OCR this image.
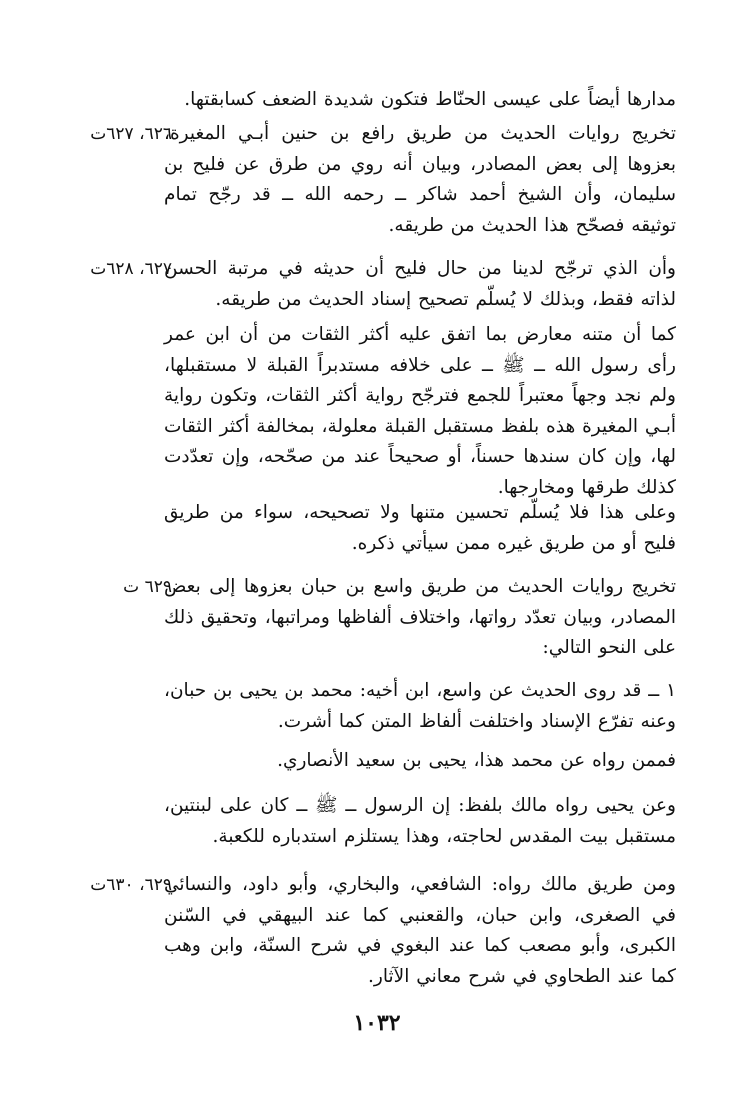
مدارها أيضاً على عيسى الحنّاط فتكون شديدة الضعف كسابقتها.
تخريج روايات الحديث من طريق رافع بن حنين أبـي المغيرة، بعزوها إلى بعض المصادر، وبيان أنه روي من طرق عن فليح بن سليمان، وأن الشيخ أحمد شاكر ــ رحمه الله ــ قد رجّح تمام توثيقه فصحّح هذا الحديث من طريقه.
٦٢٦، ٦٢٧ت
وأن الذي ترجّح لدينا من حال فليح أن حديثه في مرتبة الحسن لذاته فقط، وبذلك لا يُسلّم تصحيح إسناد الحديث من طريقه.
٦٢٧، ٦٢٨ت
كما أن متنه معارض بما اتفق عليه أكثر الثقات من أن ابن عمر رأى رسول الله ــ ﷺ ــ على خلافه مستدبراً القبلة لا مستقبلها، ولم نجد وجهاً معتبراً للجمع فترجّح رواية أكثر الثقات، وتكون رواية أبـي المغيرة هذه بلفظ مستقبل القبلة معلولة، بمخالفة أكثر الثقات لها، وإن كان سندها حسناً، أو صحيحاً عند من صحّحه، وإن تعدّدت كذلك طرقها ومخارجها.
وعلى هذا فلا يُسلّم تحسين متنها ولا تصحيحه، سواء من طريق فليح أو من طريق غيره ممن سيأتي ذكره.
تخريج روايات الحديث من طريق واسع بن حبان بعزوها إلى بعض المصادر، وبيان تعدّد رواتها، واختلاف ألفاظها ومراتبها، وتحقيق ذلك على النحو التالي:
٦٢٩ ت
١ ــ قد روى الحديث عن واسع، ابن أخيه: محمد بن يحيى بن حبان، وعنه تفرّع الإسناد واختلفت ألفاظ المتن كما أشرت.
فممن رواه عن محمد هذا، يحيى بن سعيد الأنصاري.
وعن يحيى رواه مالك بلفظ: إن الرسول ــ ﷺ ــ كان على لبنتين، مستقبل بيت المقدس لحاجته، وهذا يستلزم استدباره للكعبة.
ومن طريق مالك رواه: الشافعي، والبخاري، وأبو داود، والنسائي في الصغرى، وابن حبان، والقعنبي كما عند البيهقي في السّنن الكبرى، وأبو مصعب كما عند البغوي في شرح السنّة، وابن وهب كما عند الطحاوي في شرح معاني الآثار.
٦٢٩، ٦٣٠ت
١٠٣٢
